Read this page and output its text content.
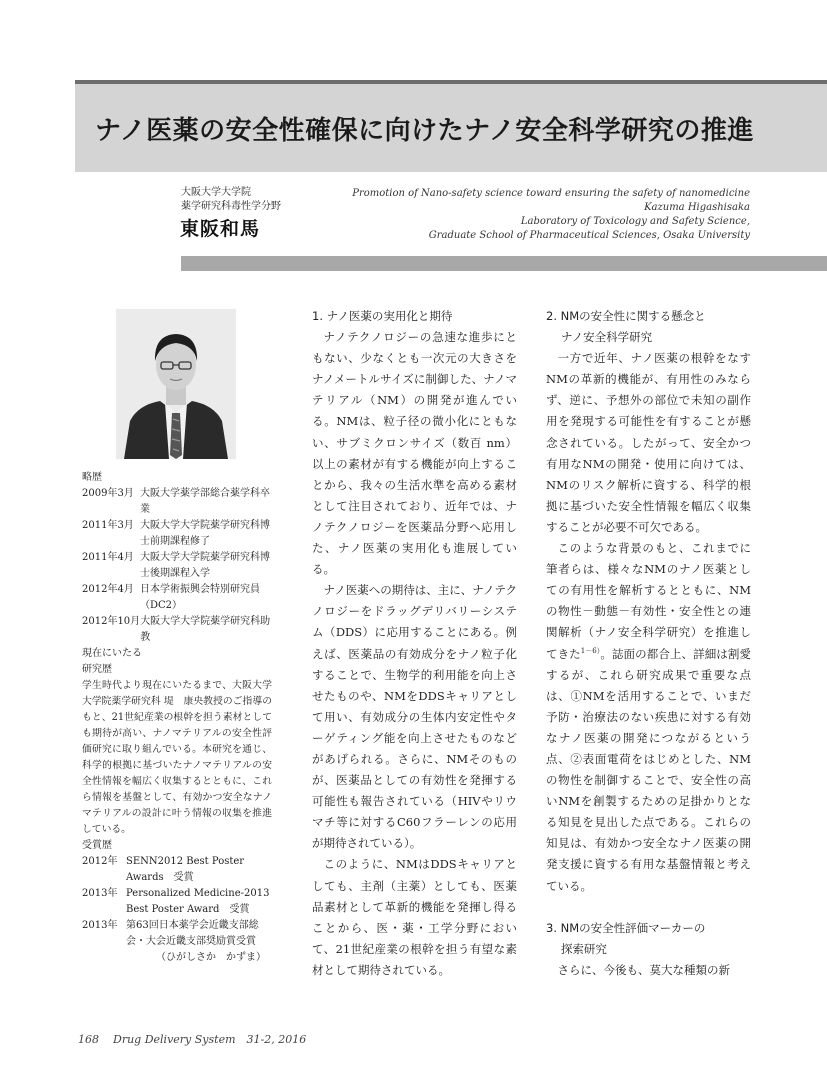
ナノ医薬の安全性確保に向けたナノ安全科学研究の推進
大阪大学大学院
薬学研究科毒性学分野
東阪和馬
Promotion of Nano-safety science toward ensuring the safety of nanomedicine
Kazuma Higashisaka
Laboratory of Toxicology and Safety Science,
Graduate School of Pharmaceutical Sciences, Osaka University
略歴
2009年3月 大阪大学薬学部総合薬学科卒業
2011年3月 大阪大学大学院薬学研究科博士前期課程修了
2011年4月 大阪大学大学院薬学研究科博士後期課程入学
2012年4月 日本学術振興会特別研究員（DC2）
2012年10月 大阪大学大学院薬学研究科助教
現在にいたる
研究歴

学生時代より現在にいたるまで、大阪大学大学院薬学研究科 堤　康央教授のご指導のもと、21世紀産業の根幹を担う素材としても期待が高い、ナノマテリアルの安全性評価研究に取り組んでいる。本研究を通じ、科学的根拠に基づいたナノマテリアルの安全性情報を幅広く収集するとともに、これら情報を基盤として、有効かつ安全なナノマテリアルの設計に叶う情報の収集を推進している。

受賞歴
2012年 SENN2012 Best Poster Awards　受賞
2013年 Personalized Medicine-2013 Best Poster Award　受賞
2013年 第63回日本薬学会近畿支部総会・大会近畿支部奨励賞受賞
（ひがしさか　かずま）
1. ナノ医薬の実用化と期待

ナノテクノロジーの急速な進歩にともない、少なくとも一次元の大きさをナノメートルサイズに制御した、ナノマテリアル（NM）の開発が進んでいる。NMは、粒子径の微小化にともない、サブミクロンサイズ（数百 nm）以上の素材が有する機能が向上することから、我々の生活水準を高める素材として注目されており、近年では、ナノテクノロジーを医薬品分野へ応用した、ナノ医薬の実用化も進展している。

ナノ医薬への期待は、主に、ナノテクノロジーをドラッグデリバリーシステム（DDS）に応用することにある。例えば、医薬品の有効成分をナノ粒子化することで、生物学的利用能を向上させたものや、NMをDDSキャリアとして用い、有効成分の生体内安定性やターゲティング能を向上させたものなどがあげられる。さらに、NMそのものが、医薬品としての有効性を発揮する可能性も報告されている（HIVやリウマチ等に対するC60フラーレンの応用が期待されている）。

このように、NMはDDSキャリアとしても、主剤（主薬）としても、医薬品素材として革新的機能を発揮し得ることから、医・薬・工学分野において、21世紀産業の根幹を担う有望な素材として期待されている。

2. NMの安全性に関する懸念と
ナノ安全科学研究

一方で近年、ナノ医薬の根幹をなすNMの革新的機能が、有用性のみならず、逆に、予想外の部位で未知の副作用を発現する可能性を有することが懸念されている。したがって、安全かつ有用なNMの開発・使用に向けては、NMのリスク解析に資する、科学的根拠に基づいた安全性情報を幅広く収集することが必要不可欠である。

このような背景のもと、これまでに筆者らは、様々なNMのナノ医薬としての有用性を解析するとともに、NMの物性－動態－有効性・安全性との連関解析（ナノ安全科学研究）を推進してきた$^{1-6)}$。誌面の都合上、詳細は割愛するが、これら研究成果で重要な点は、①NMを活用することで、いまだ予防・治療法のない疾患に対する有効なナノ医薬の開発につながるという点、②表面電荷をはじめとした、NMの物性を制御することで、安全性の高いNMを創製するための足掛かりとなる知見を見出した点である。これらの知見は、有効かつ安全なナノ医薬の開発支援に資する有用な基盤情報と考えている。

3. NMの安全性評価マーカーの
探索研究

さらに、今後も、莫大な種類の新

168 Drug Delivery System　31-2, 2016
